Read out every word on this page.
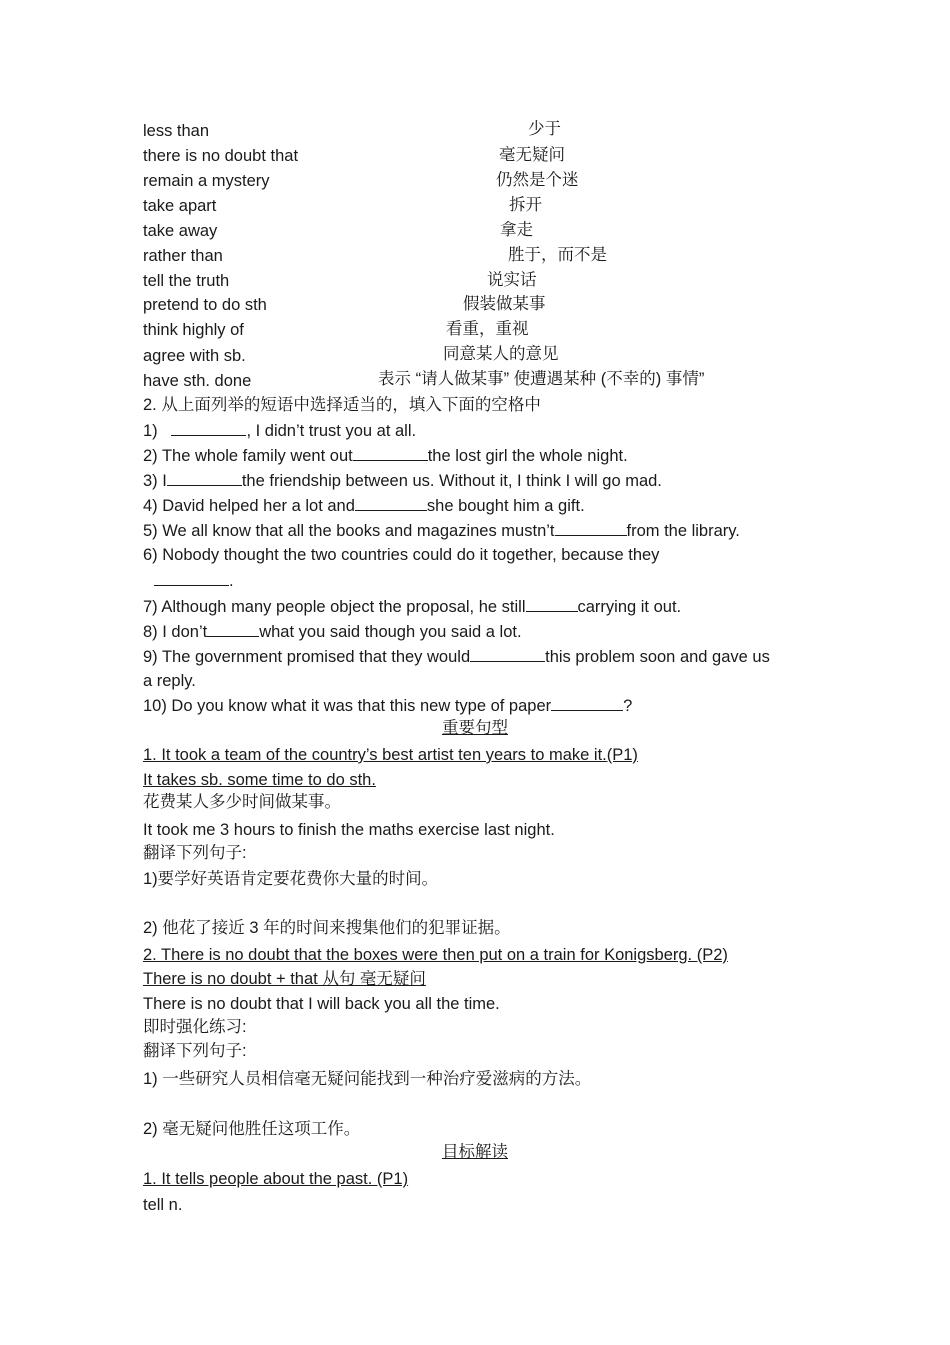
less than	少于
there is no doubt that	毫无疑问
remain a mystery	仍然是个迷
take apart	拆开
take away	拿走
rather than	胜于，而不是
tell the truth	说实话
pretend to do sth	假装做某事
think highly of	看重，重视
agree with sb.	同意某人的意见
have sth. done	表示 “请人做某事” 使遭遇某种 (不幸的) 事情”
2. 从上面列举的短语中选择适当的，填入下面的空格中
1)	, I didn’t trust you at all.
2) The whole family went out	the lost girl the whole night.
3) I	the friendship between us. Without it, I think I will go mad.
4) David helped her a lot and	she bought him a gift.
5) We all know that all the books and magazines mustn’t	from the library.
6) Nobody thought the two countries could do it together, because they
.
7) Although many people object the proposal, he still	carrying it out.
8) I don’t	what you said though you said a lot.
9) The government promised that they would	this problem soon and gave us
a reply.
10) Do you know what it was that this new type of paper	?
重要句型
1. It took a team of the country’s best artist ten years to make it.(P1)
It takes sb. some time to do sth.
花费某人多少时间做某事。
It took me 3 hours to finish the maths exercise last night.
翻译下列句子:
1)要学好英语肯定要花费你大量的时间。
2) 他花了接近 3 年的时间来搜集他们的犯罪证据。
2. There is no doubt that the boxes were then put on a train for Konigsberg. (P2)
There is no doubt + that 从句 毫无疑问
There is no doubt that I will back you all the time.
即时强化练习:
翻译下列句子:
1) 一些研究人员相信毫无疑问能找到一种治疗爱滋病的方法。
2) 毫无疑问他胜任这项工作。
目标解读
1. It tells people about the past. (P1)
tell n.
